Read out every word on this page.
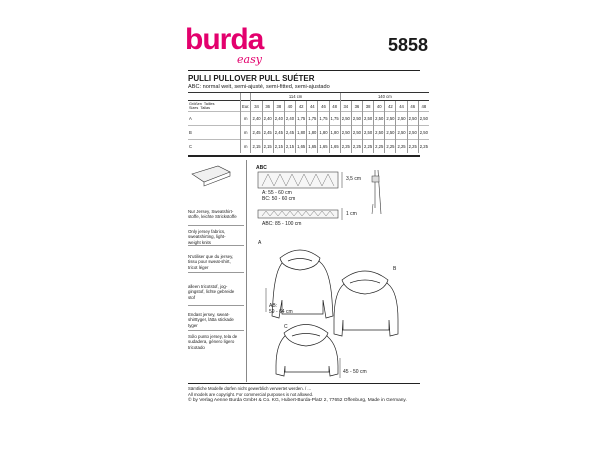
burda
easy
5858
PULLI PULLOVER PULL SUÉTER
ABC: normal weit, semi-ajusté, semi-fitted, semi-ajustado
		114 cm								140 cm							
Größen  Tailles
Sizes  Tallas	Eur.	34	36	38	40	42	44	46	48	34	36	38	40	42	44	46	48
A	m	2,40	2,40	2,40	2,40	1,75	1,75	1,75	1,75	2,50	2,50	2,50	2,50	2,50	2,50	2,50	2,50
B	m	2,45	2,45	2,45	2,45	1,80	1,80	1,80	1,80	2,50	2,50	2,50	2,50	2,50	2,50	2,50	2,50
C	m	2,15	2,15	2,15	2,15	1,65	1,65	1,65	1,65	2,25	2,25	2,25	2,25	2,25	2,25	2,25	2,25
Nur Jersey, Sweatshirt-stoffe, leichte Strickstoffe
Only jersey fabrics, sweatshirting, light-weight knits
N'utiliser que du jersey, tissu pour sweat-shirt, tricot léger
alleen tricotstof, jog-gingstof, lichte gebreide stof
Endast jersey, sweat-shirttyger, lätta stickade tyger
Sólo punto jersey, tela de sudadera, género ligero tricotado
ABC
3,5 cm
A: 55 - 60 cm
BC: 50 - 60 cm
1 cm
ABC: 85 - 100 cm
A
B
C
AB:
59 - 64 cm
45 - 50 cm
Sämtliche Modelle dürfen nicht gewerblich verwertet werden. / ...
All models are copyright. For commercial purposes is not allowed.
© by Verlag Aenne Burda GmbH & Co. KG, Hubert-Burda-Platz 2, 77652 Offenburg, Made in Germany.
